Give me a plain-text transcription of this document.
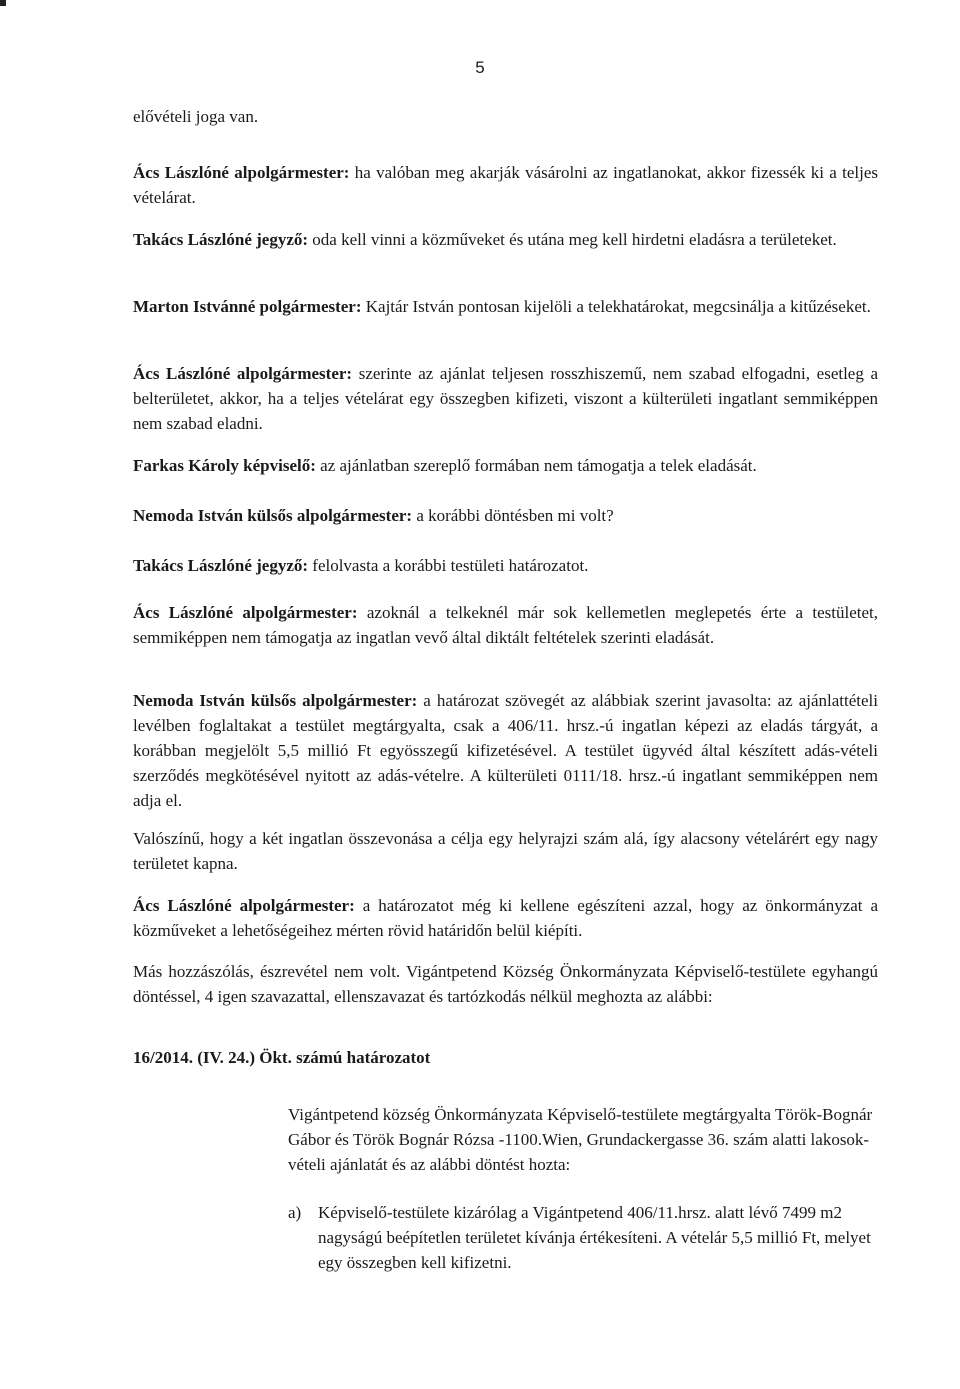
5

elővételi joga van.

Ács Lászlóné alpolgármester: ha valóban meg akarják vásárolni az ingatlanokat, akkor fizessék ki a teljes vételárat.

Takács Lászlóné jegyző: oda kell vinni a közműveket és utána meg kell hirdetni eladásra a területeket.

Marton Istvánné polgármester: Kajtár István pontosan kijelöli a telekhatárokat, megcsinálja a kitűzéseket.

Ács Lászlóné alpolgármester: szerinte az ajánlat teljesen rosszhiszemű, nem szabad elfogadni, esetleg a belterületet, akkor, ha a teljes vételárat egy összegben kifizeti, viszont a külterületi ingatlant semmiképpen nem szabad eladni.

Farkas Károly képviselő: az ajánlatban szereplő formában nem támogatja a telek eladását.

Nemoda István külsős alpolgármester: a korábbi döntésben mi volt?

Takács Lászlóné jegyző: felolvasta a korábbi testületi határozatot.

Ács Lászlóné alpolgármester: azoknál a telkeknél már sok kellemetlen meglepetés érte a testületet, semmiképpen nem támogatja az ingatlan vevő által diktált feltételek szerinti eladását.

Nemoda István külsős alpolgármester: a határozat szövegét az alábbiak szerint javasolta: az ajánlattételi levélben foglaltakat a testület megtárgyalta, csak a 406/11. hrsz.-ú ingatlan képezi az eladás tárgyát, a korábban megjelölt 5,5 millió Ft egyösszegű kifizetésével. A testület ügyvéd által készített adás-vételi szerződés megkötésével nyitott az adás-vételre. A külterületi 0111/18. hrsz.-ú ingatlant semmiképpen nem adja el.

Valószínű, hogy a két ingatlan összevonása a célja egy helyrajzi szám alá, így alacsony vételárért egy nagy területet kapna.

Ács Lászlóné alpolgármester: a határozatot még ki kellene egészíteni azzal, hogy az önkormányzat a közműveket a lehetőségeihez mérten rövid határidőn belül kiépíti.

Más hozzászólás, észrevétel nem volt. Vigántpetend Község Önkormányzata Képviselő-testülete egyhangú döntéssel, 4 igen szavazattal, ellenszavazat és tartózkodás nélkül meghozta az alábbi:

16/2014. (IV. 24.) Ökt. számú határozatot
Vigántpetend község Önkormányzata Képviselő-testülete megtárgyalta Török-Bognár Gábor és Török Bognár Rózsa -1100.Wien, Grundackergasse 36. szám alatti lakosok- vételi ajánlatát és az alábbi döntést hozta:
a) Képviselő-testülete kizárólag a Vigántpetend 406/11.hrsz. alatt lévő 7499 m2 nagyságú beépítetlen területet kívánja értékesíteni. A vételár 5,5 millió Ft, melyet egy összegben kell kifizetni.
